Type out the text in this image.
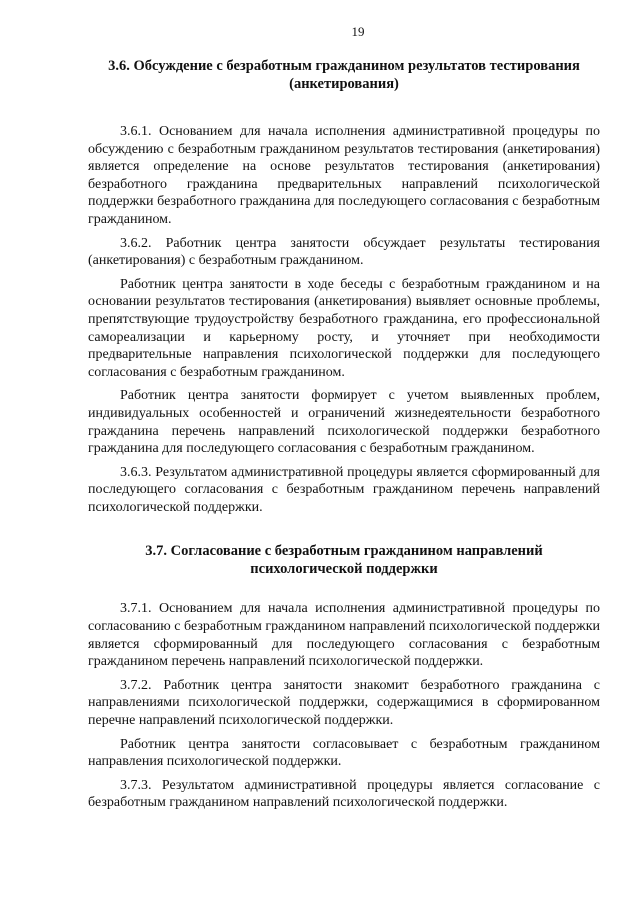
19
3.6. Обсуждение с безработным гражданином результатов тестирования (анкетирования)

3.6.1. Основанием для начала исполнения административной процедуры по обсуждению с безработным гражданином результатов тестирования (анкетирования) является определение на основе результатов тестирования (анкетирования) безработного гражданина предварительных направлений психологической поддержки безработного гражданина для последующего согласования с безработным гражданином.

3.6.2. Работник центра занятости обсуждает результаты тестирования (анкетирования) с безработным гражданином.

Работник центра занятости в ходе беседы с безработным гражданином и на основании результатов тестирования (анкетирования) выявляет основные проблемы, препятствующие трудоустройству безработного гражданина, его профессиональной самореализации и карьерному росту, и уточняет при необходимости предварительные направления психологической поддержки для последующего согласования с безработным гражданином.

Работник центра занятости формирует с учетом выявленных проблем, индивидуальных особенностей и ограничений жизнедеятельности безработного гражданина перечень направлений психологической поддержки безработного гражданина для последующего согласования с безработным гражданином.

3.6.3. Результатом административной процедуры является сформированный для последующего согласования с безработным гражданином перечень направлений психологической поддержки.

3.7. Согласование с безработным гражданином направлений психологической поддержки

3.7.1. Основанием для начала исполнения административной процедуры по согласованию с безработным гражданином направлений психологической поддержки является сформированный для последующего согласования с безработным гражданином перечень направлений психологической поддержки.

3.7.2. Работник центра занятости знакомит безработного гражданина с направлениями психологической поддержки, содержащимися в сформированном перечне направлений психологической поддержки.

Работник центра занятости согласовывает с безработным гражданином направления психологической поддержки.

3.7.3. Результатом административной процедуры является согласование с безработным гражданином направлений психологической поддержки.
